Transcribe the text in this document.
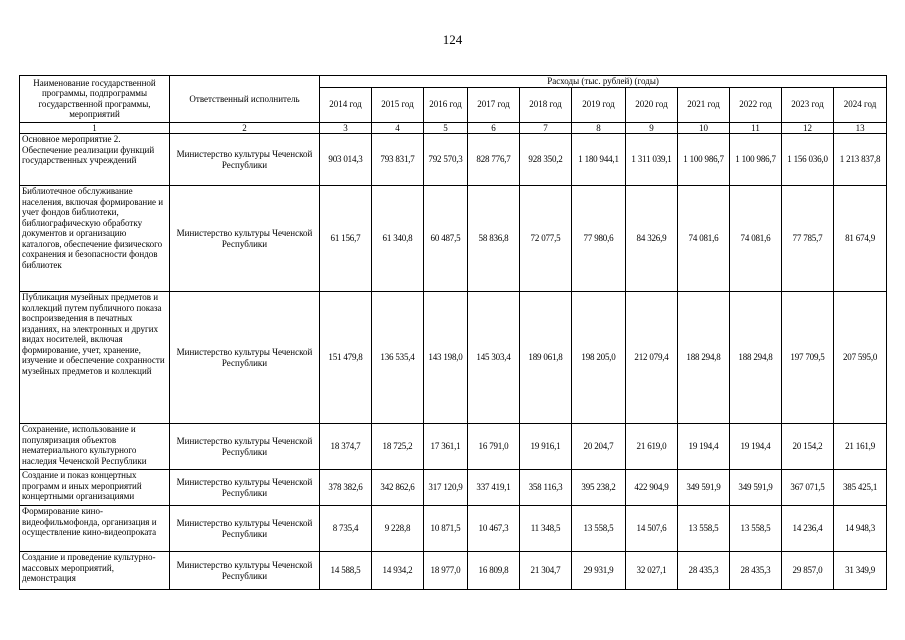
124
Наименование государственной программы, подпрограммы государственной программы, мероприятий	Ответственный исполнитель	Расходы (тыс. рублей) (годы)										
		2014 год	2015 год	2016 год	2017 год	2018 год	2019 год	2020 год	2021 год	2022 год	2023 год	2024 год
1	2	3	4	5	6	7	8	9	10	11	12	13
Основное мероприятие 2. Обеспечение реализации функций государственных учреждений	Министерство культуры Чеченской Республики	903 014,3	793 831,7	792 570,3	828 776,7	928 350,2	1 180 944,1	1 311 039,1	1 100 986,7	1 100 986,7	1 156 036,0	1 213 837,8
Библиотечное обслуживание населения, включая формирование и учет фондов библиотеки, библиографическую обработку документов и организацию каталогов, обеспечение физического сохранения и безопасности фондов библиотек	Министерство культуры Чеченской Республики	61 156,7	61 340,8	60 487,5	58 836,8	72 077,5	77 980,6	84 326,9	74 081,6	74 081,6	77 785,7	81 674,9
Публикация музейных предметов и коллекций путем публичного показа воспроизведения в печатных изданиях, на электронных и других видах носителей, включая формирование, учет, хранение, изучение и обеспечение сохранности музейных предметов и коллекций	Министерство культуры Чеченской Республики	151 479,8	136 535,4	143 198,0	145 303,4	189 061,8	198 205,0	212 079,4	188 294,8	188 294,8	197 709,5	207 595,0
Сохранение, использование и популяризация объектов нематериального культурного наследия Чеченской Республики	Министерство культуры Чеченской Республики	18 374,7	18 725,2	17 361,1	16 791,0	19 916,1	20 204,7	21 619,0	19 194,4	19 194,4	20 154,2	21 161,9
Создание и показ концертных программ и иных мероприятий концертными организациями	Министерство культуры Чеченской Республики	378 382,6	342 862,6	317 120,9	337 419,1	358 116,3	395 238,2	422 904,9	349 591,9	349 591,9	367 071,5	385 425,1
Формирование кино-видеофильмофонда, организация и осуществление кино-видеопроката	Министерство культуры Чеченской Республики	8 735,4	9 228,8	10 871,5	10 467,3	11 348,5	13 558,5	14 507,6	13 558,5	13 558,5	14 236,4	14 948,3
Создание и проведение культурно-массовых мероприятий, демонстрация	Министерство культуры Чеченской Республики	14 588,5	14 934,2	18 977,0	16 809,8	21 304,7	29 931,9	32 027,1	28 435,3	28 435,3	29 857,0	31 349,9
